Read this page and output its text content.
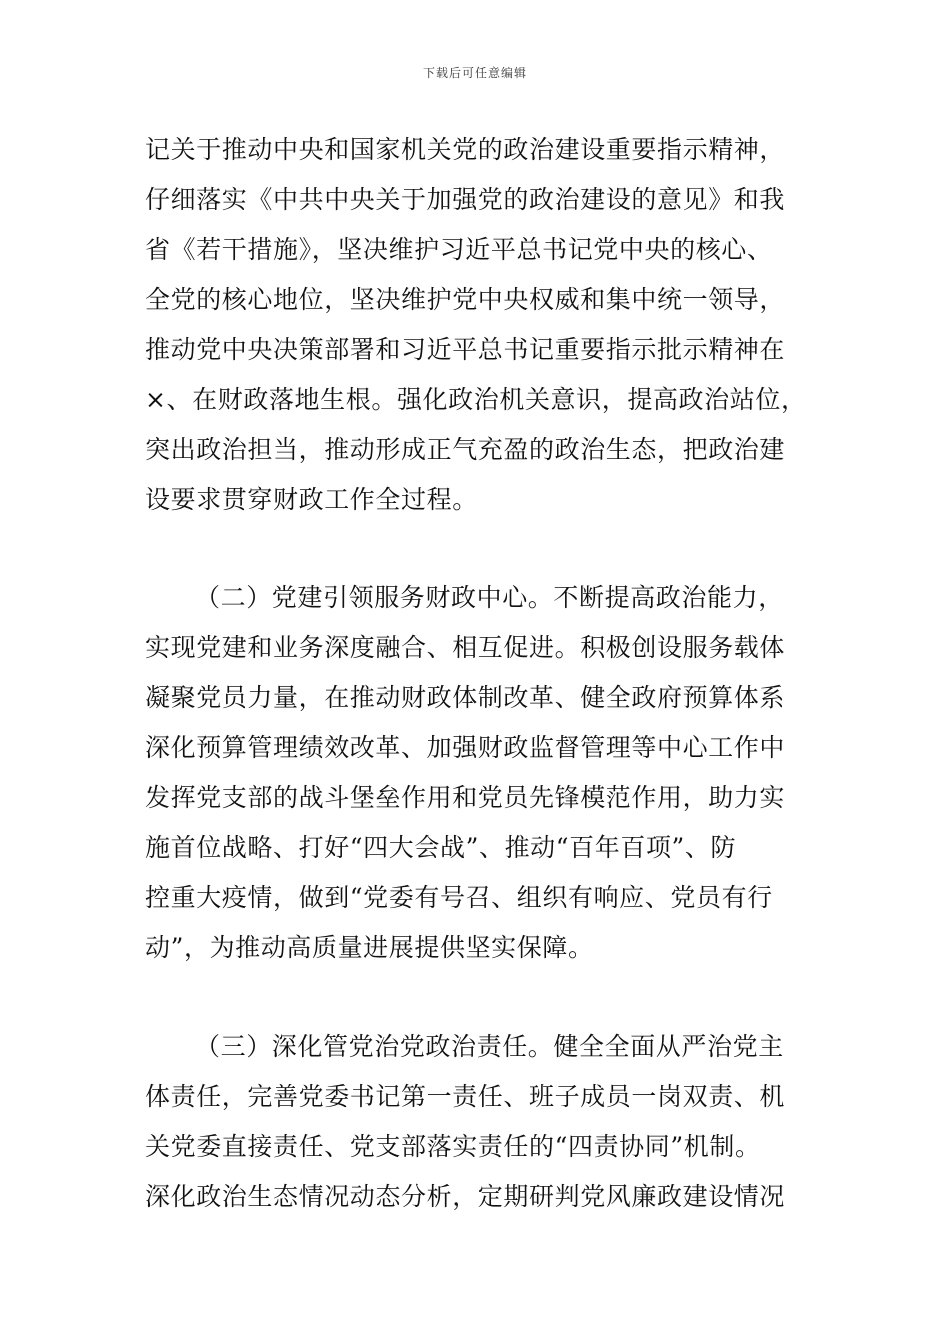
下载后可任意编辑
记关于推动中央和国家机关党的政治建设重要指示精神，
仔细落实《中共中央关于加强党的政治建设的意见》和我
省《若干措施》，坚决维护习近平总书记党中央的核心、
全党的核心地位，坚决维护党中央权威和集中统一领导，
推动党中央决策部署和习近平总书记重要指示批示精神在
×、在财政落地生根。强化政治机关意识，提高政治站位，
突出政治担当，推动形成正气充盈的政治生态，把政治建
设要求贯穿财政工作全过程。
（二）党建引领服务财政中心。不断提高政治能力，
实现党建和业务深度融合、相互促进。积极创设服务载体
凝聚党员力量，在推动财政体制改革、健全政府预算体系
深化预算管理绩效改革、加强财政监督管理等中心工作中
发挥党支部的战斗堡垒作用和党员先锋模范作用，助力实
施首位战略、打好“四大会战”、推动“百年百项”、防
控重大疫情，做到“党委有号召、组织有响应、党员有行
动”，为推动高质量进展提供坚实保障。
（三）深化管党治党政治责任。健全全面从严治党主
体责任，完善党委书记第一责任、班子成员一岗双责、机
关党委直接责任、党支部落实责任的“四责协同”机制。
深化政治生态情况动态分析，定期研判党风廉政建设情况
